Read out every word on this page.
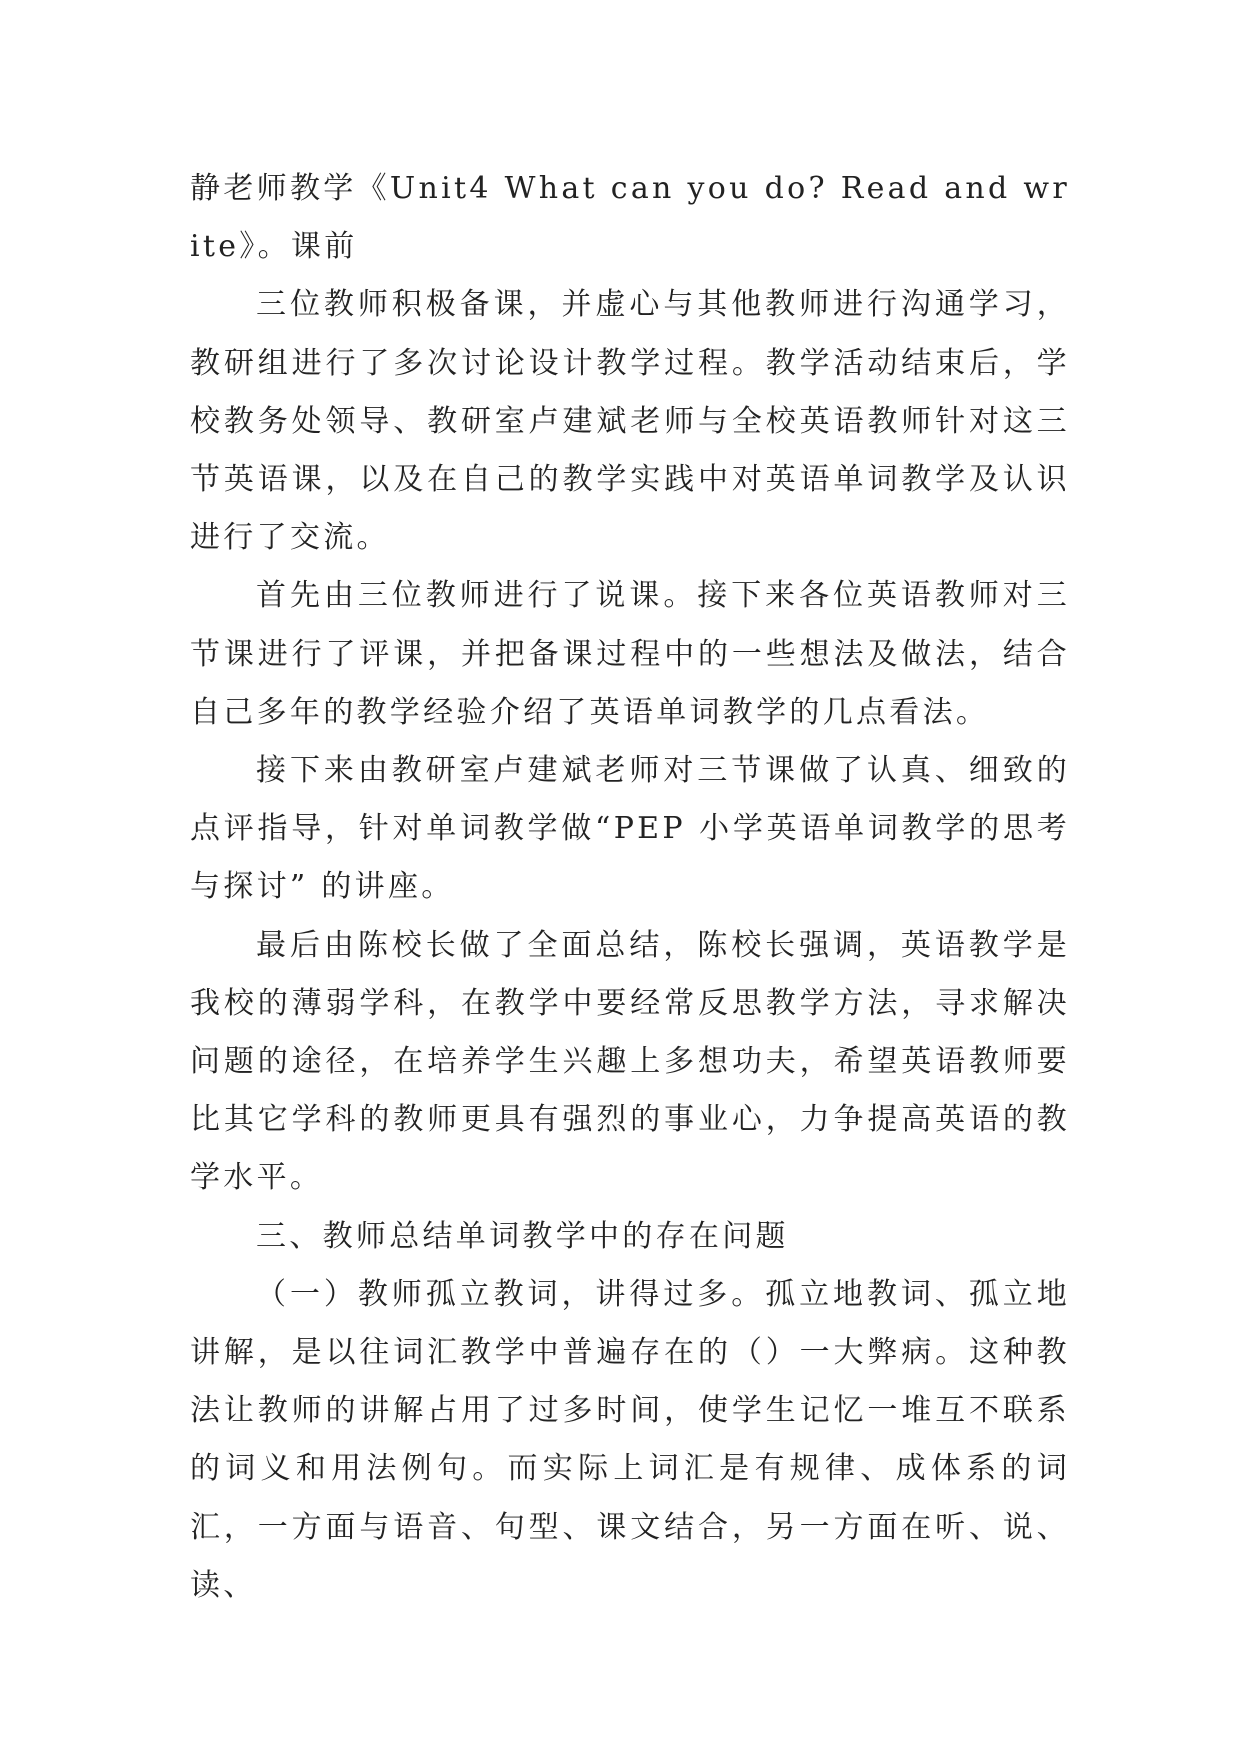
静老师教学《Unit4 What can you do? Read and write》。课前

三位教师积极备课，并虚心与其他教师进行沟通学习，教研组进行了多次讨论设计教学过程。教学活动结束后，学校教务处领导、教研室卢建斌老师与全校英语教师针对这三节英语课，以及在自己的教学实践中对英语单词教学及认识进行了交流。

首先由三位教师进行了说课。接下来各位英语教师对三节课进行了评课，并把备课过程中的一些想法及做法，结合自己多年的教学经验介绍了英语单词教学的几点看法。

接下来由教研室卢建斌老师对三节课做了认真、细致的点评指导，针对单词教学做“PEP 小学英语单词教学的思考与探讨” 的讲座。

最后由陈校长做了全面总结，陈校长强调，英语教学是我校的薄弱学科，在教学中要经常反思教学方法，寻求解决问题的途径，在培养学生兴趣上多想功夫，希望英语教师要比其它学科的教师更具有强烈的事业心，力争提高英语的教学水平。

三、教师总结单词教学中的存在问题

（一）教师孤立教词，讲得过多。孤立地教词、孤立地讲解，是以往词汇教学中普遍存在的（）一大弊病。这种教法让教师的讲解占用了过多时间，使学生记忆一堆互不联系的词义和用法例句。而实际上词汇是有规律、成体系的词汇，一方面与语音、句型、课文结合，另一方面在听、说、读、
